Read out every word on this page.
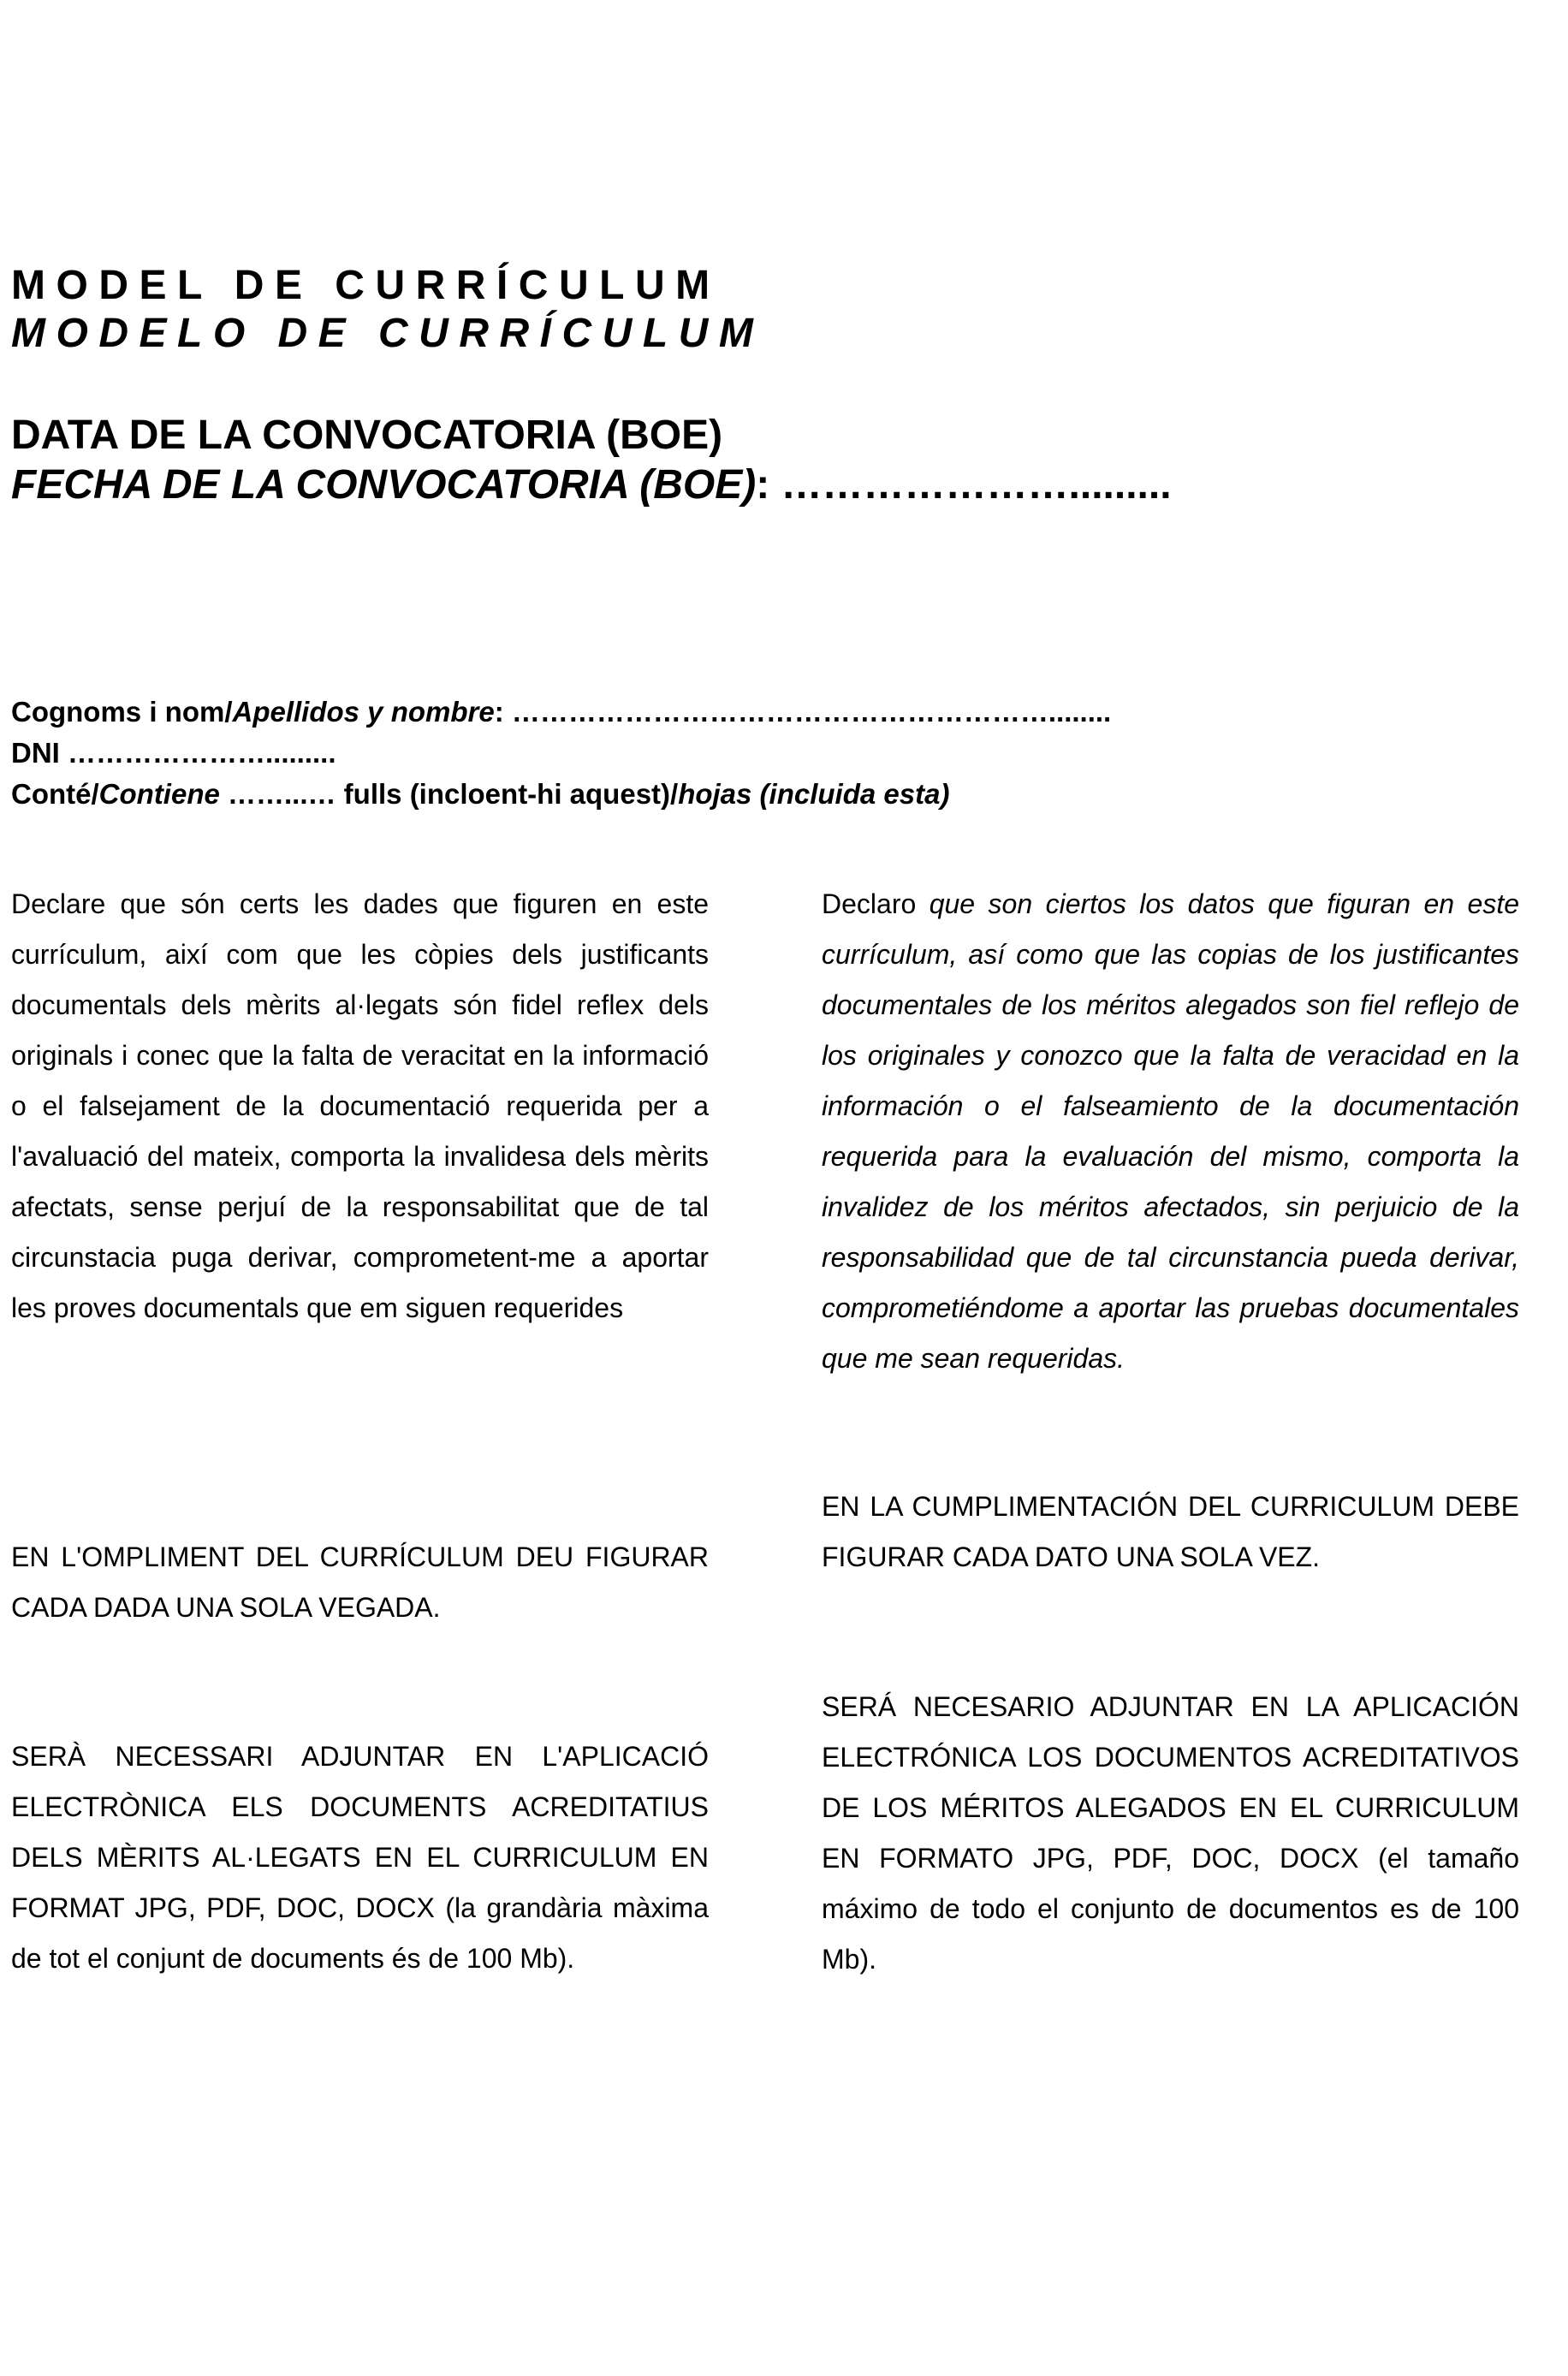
MODEL DE CURRÍCULUM
MODELO DE CURRÍCULUM
DATA DE LA CONVOCATORIA (BOE)
FECHA DE LA CONVOCATORIA (BOE): ………………….........
Cognoms i nom/Apellidos y nombre: …………………………………………………........
DNI ………………….........
Conté/Contiene ……...… fulls (incloent-hi aquest)/hojas (incluida esta)
Declare que són certs les dades que figuren en este currículum, així com que les còpies dels justificants documentals dels mèrits al·legats són fidel reflex dels originals i conec que la falta de veracitat en la informació o el falsejament de la documentació requerida per a l'avaluació del mateix, comporta la invalidesa dels mèrits afectats, sense perjuí de la responsabilitat que de tal circunstacia puga derivar, comprometent-me a aportar les proves documentals que em siguen requerides
Declaro que son ciertos los datos que figuran en este currículum, así como que las copias de los justificantes documentales de los méritos alegados son fiel reflejo de los originales y conozco que la falta de veracidad en la información o el falseamiento de la documentación requerida para la evaluación del mismo, comporta la invalidez de los méritos afectados, sin perjuicio de la responsabilidad que de tal circunstancia pueda derivar, comprometiéndome a aportar las pruebas documentales que me sean requeridas.
EN L'OMPLIMENT DEL CURRÍCULUM DEU FIGURAR CADA DADA UNA SOLA VEGADA.
EN LA CUMPLIMENTACIÓN DEL CURRICULUM DEBE FIGURAR CADA DATO UNA SOLA VEZ.
SERÀ NECESSARI ADJUNTAR EN L'APLICACIÓ ELECTRÒNICA ELS DOCUMENTS ACREDITATIUS DELS MÈRITS AL·LEGATS EN EL CURRICULUM EN FORMAT JPG, PDF, DOC, DOCX (la grandària màxima de tot el conjunt de documents és de 100 Mb).
SERÁ NECESARIO ADJUNTAR EN LA APLICACIÓN ELECTRÓNICA LOS DOCUMENTOS ACREDITATIVOS DE LOS MÉRITOS ALEGADOS EN EL CURRICULUM EN FORMATO JPG, PDF, DOC, DOCX (el tamaño máximo de todo el conjunto de documentos es de 100 Mb).
